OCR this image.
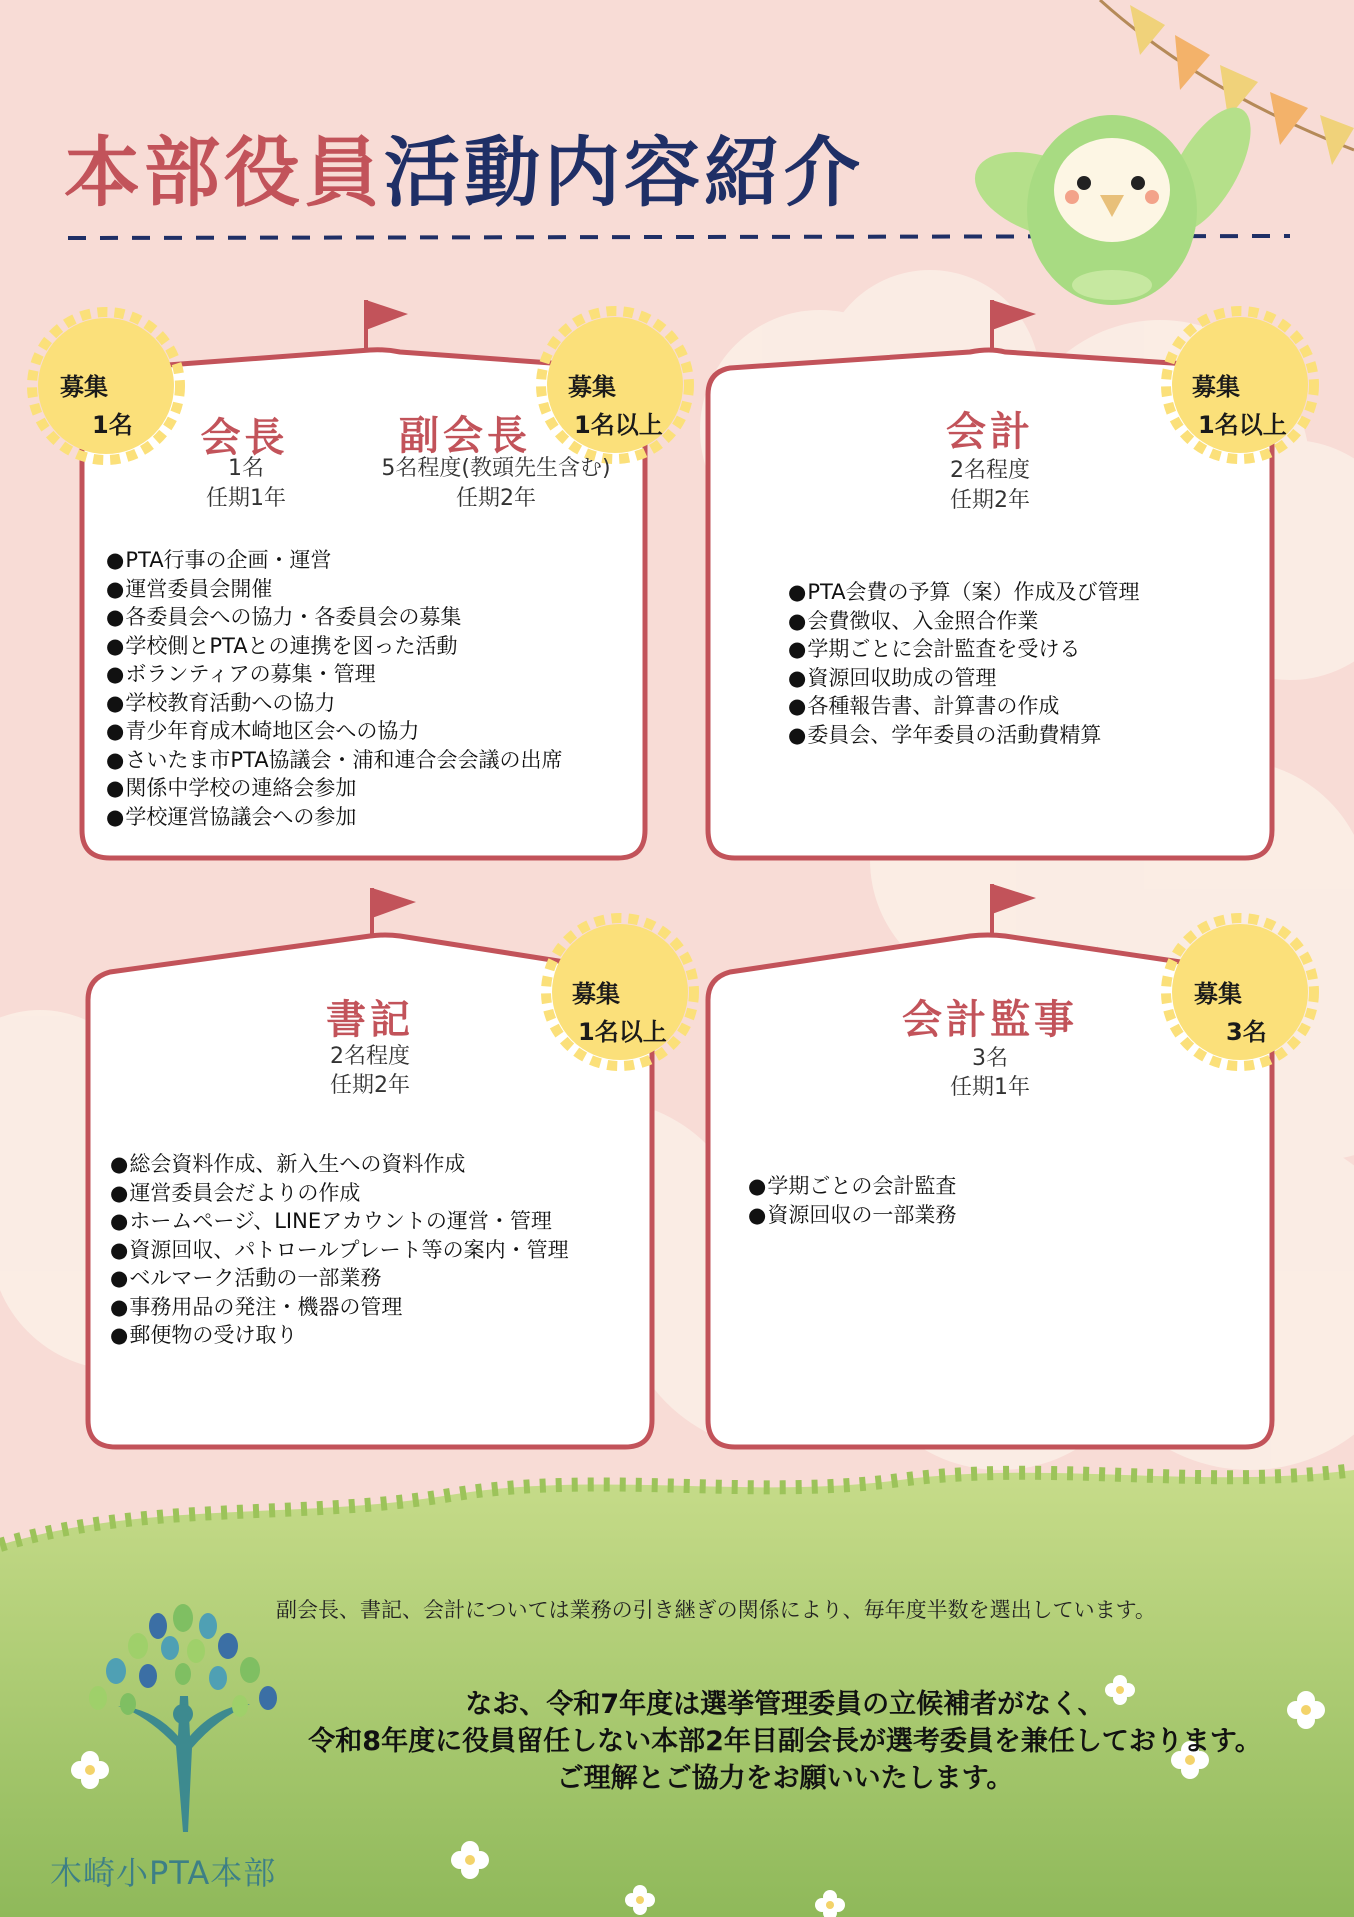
本部役員活動内容紹介
募集
1名
募集
1名以上
募集
1名以上
募集
1名以上
募集
3名
会長
1名
任期1年
副会長
5名程度(教頭先生含む)
任期2年
● PTA行事の企画・運営
● 運営委員会開催
● 各委員会への協力・各委員会の募集
● 学校側とPTAとの連携を図った活動
● ボランティアの募集・管理
● 学校教育活動への協力
● 青少年育成木崎地区会への協力
● さいたま市PTA協議会・浦和連合会会議の出席
● 関係中学校の連絡会参加
● 学校運営協議会への参加
会計
2名程度
任期2年
● PTA会費の予算（案）作成及び管理
● 会費徴収、入金照合作業
● 学期ごとに会計監査を受ける
● 資源回収助成の管理
● 各種報告書、計算書の作成
● 委員会、学年委員の活動費精算
書記
2名程度
任期2年
● 総会資料作成、新入生への資料作成
● 運営委員会だよりの作成
● ホームページ、LINEアカウントの運営・管理
● 資源回収、パトロールプレート等の案内・管理
● ベルマーク活動の一部業務
● 事務用品の発注・機器の管理
● 郵便物の受け取り
会計監事
3名
任期1年
● 学期ごとの会計監査
● 資源回収の一部業務
副会長、書記、会計については業務の引き継ぎの関係により、毎年度半数を選出しています。
なお、令和7年度は選挙管理委員の立候補者がなく、
令和8年度に役員留任しない本部2年目副会長が選考委員を兼任しております。
ご理解とご協力をお願いいたします。
木崎小PTA本部
